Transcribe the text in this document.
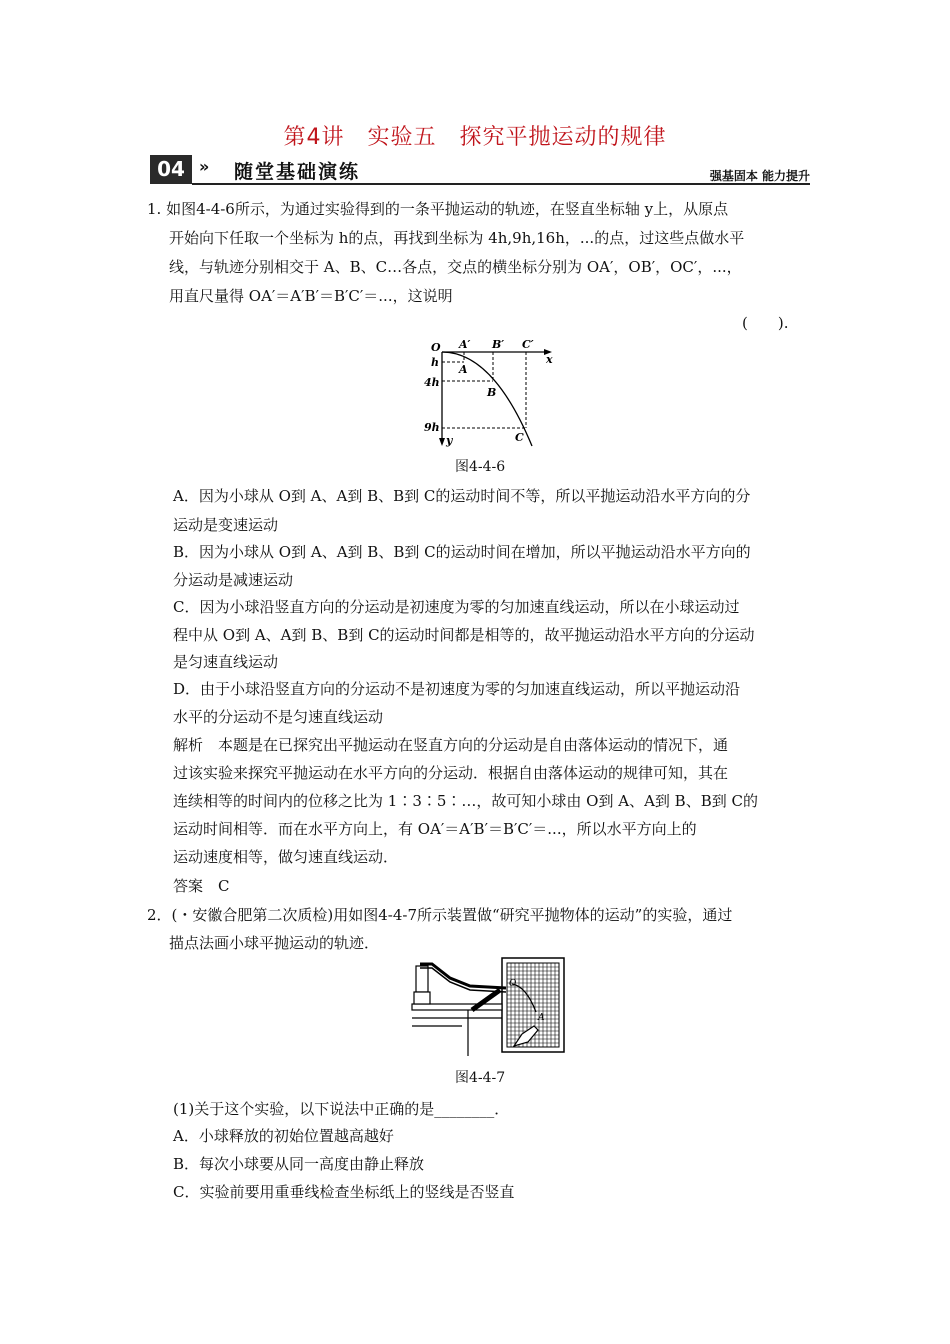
第4讲　实验五　探究平抛运动的规律
04 » 随堂基础演练	强基固本 能力提升
1. 如图4-4-6所示，为通过实验得到的一条平抛运动的轨迹，在竖直坐标轴 y上，从原点
开始向下任取一个坐标为 h的点，再找到坐标为 4h,9h,16h，...的点，过这些点做水平
线，与轨迹分别相交于 A、B、C…各点，交点的横坐标分别为 OA′，OB′，OC′，...，
用直尺量得 OA′＝A′B′＝B′C′＝...，这说明
(　　).
O A′ B′ C′
x
h
4h
9h
y
A
B
C
图4-4-6
A．因为小球从 O到 A、A到 B、B到 C的运动时间不等，所以平抛运动沿水平方向的分
运动是变速运动
B．因为小球从 O到 A、A到 B、B到 C的运动时间在增加，所以平抛运动沿水平方向的
分运动是减速运动
C．因为小球沿竖直方向的分运动是初速度为零的匀加速直线运动，所以在小球运动过
程中从 O到 A、A到 B、B到 C的运动时间都是相等的，故平抛运动沿水平方向的分运动
是匀速直线运动
D．由于小球沿竖直方向的分运动不是初速度为零的匀加速直线运动，所以平抛运动沿
水平的分运动不是匀速直线运动
解析　本题是在已探究出平抛运动在竖直方向的分运动是自由落体运动的情况下，通
过该实验来探究平抛运动在水平方向的分运动．根据自由落体运动的规律可知，其在
连续相等的时间内的位移之比为 1∶3∶5∶…，故可知小球由 O到 A、A到 B、B到 C的
运动时间相等．而在水平方向上，有 OA′＝A′B′＝B′C′＝...，所以水平方向上的
运动速度相等，做匀速直线运动．
答案　C
2．(・安徽合肥第二次质检)用如图4-4-7所示装置做“研究平抛物体的运动”的实验，通过
描点法画小球平抛运动的轨迹．
O
A
图4-4-7
(1)关于这个实验，以下说法中正确的是________．
A．小球释放的初始位置越高越好
B．每次小球要从同一高度由静止释放
C．实验前要用重垂线检查坐标纸上的竖线是否竖直
